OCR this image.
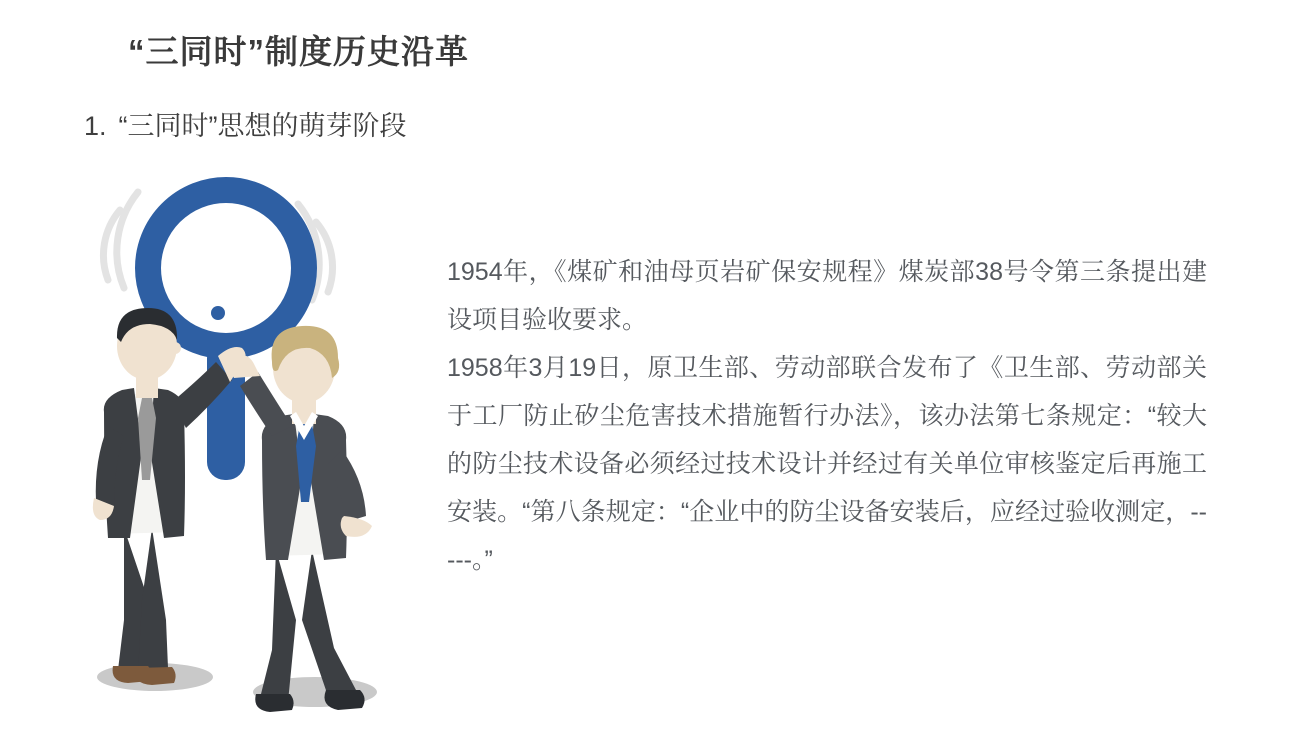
“三同时”制度历史沿革
1. “三同时”思想的萌芽阶段

1954年，《煤矿和油母页岩矿保安规程》煤炭部38号令第三条提出建设项目验收要求。

1958年3月19日，原卫生部、劳动部联合发布了《卫生部、劳动部关于工厂防止矽尘危害技术措施暂行办法》，该办法第七条规定：“较大的防尘技术设备必须经过技术设计并经过有关单位审核鉴定后再施工安装。“第八条规定：“企业中的防尘设备安装后，应经过验收测定，-----。”
